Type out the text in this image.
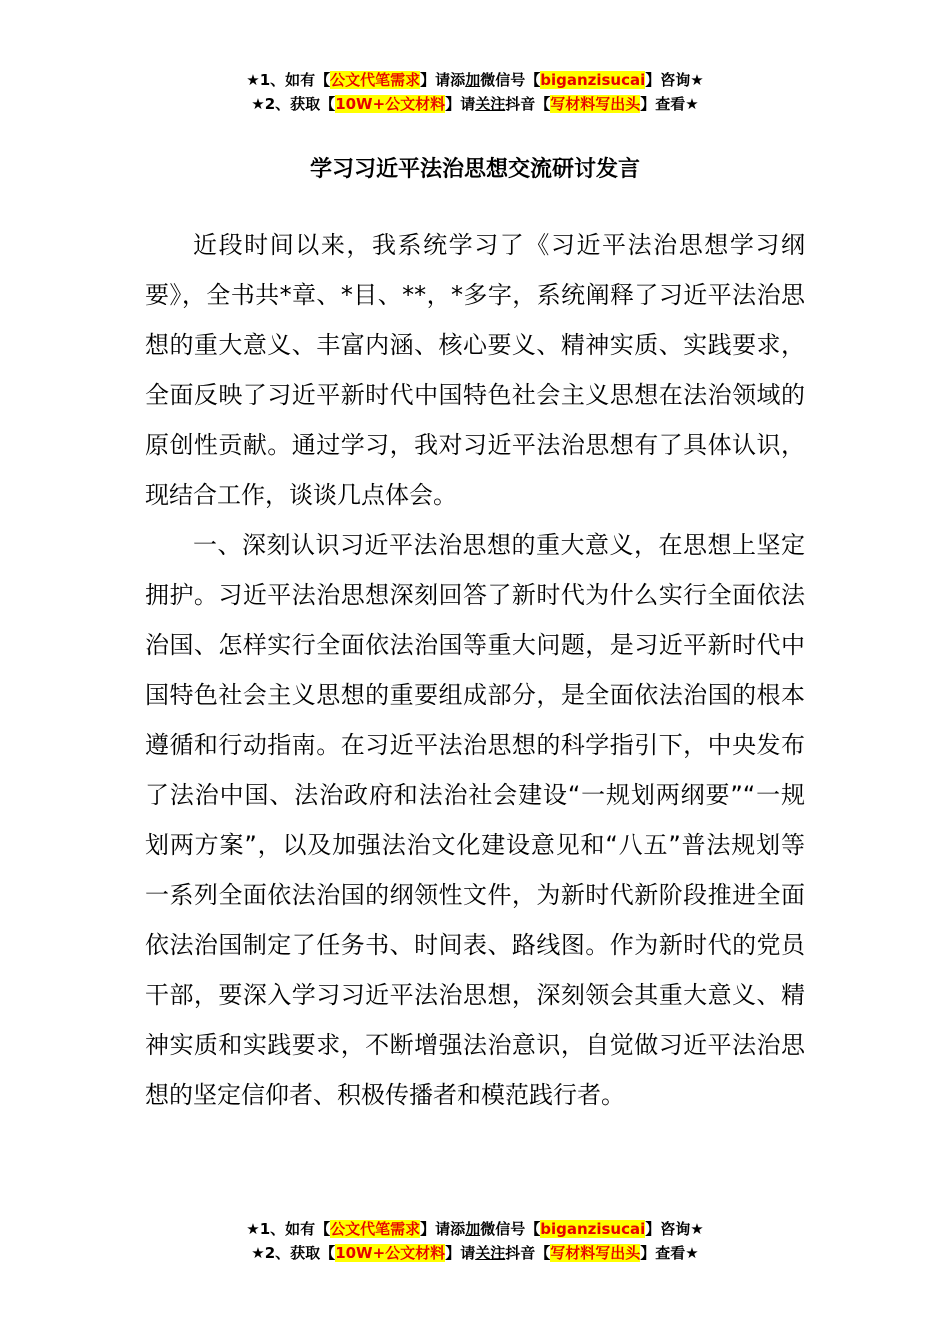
★1、如有【公文代笔需求】请添加微信号【biganzisucai】咨询★
★2、获取【10W+公文材料】请关注抖音【写材料写出头】查看★
学习习近平法治思想交流研讨发言

近段时间以来，我系统学习了《习近平法治思想学习纲要》，全书共*章、*目、**，*多字，系统阐释了习近平法治思想的重大意义、丰富内涵、核心要义、精神实质、实践要求，全面反映了习近平新时代中国特色社会主义思想在法治领域的原创性贡献。通过学习，我对习近平法治思想有了具体认识，现结合工作，谈谈几点体会。

一、深刻认识习近平法治思想的重大意义，在思想上坚定拥护。习近平法治思想深刻回答了新时代为什么实行全面依法治国、怎样实行全面依法治国等重大问题，是习近平新时代中国特色社会主义思想的重要组成部分，是全面依法治国的根本遵循和行动指南。在习近平法治思想的科学指引下，中央发布了法治中国、法治政府和法治社会建设“一规划两纲要”“一规划两方案”，以及加强法治文化建设意见和“八五”普法规划等一系列全面依法治国的纲领性文件，为新时代新阶段推进全面依法治国制定了任务书、时间表、路线图。作为新时代的党员干部，要深入学习习近平法治思想，深刻领会其重大意义、精神实质和实践要求，不断增强法治意识，自觉做习近平法治思想的坚定信仰者、积极传播者和模范践行者。

★1、如有【公文代笔需求】请添加微信号【biganzisucai】咨询★
★2、获取【10W+公文材料】请关注抖音【写材料写出头】查看★
